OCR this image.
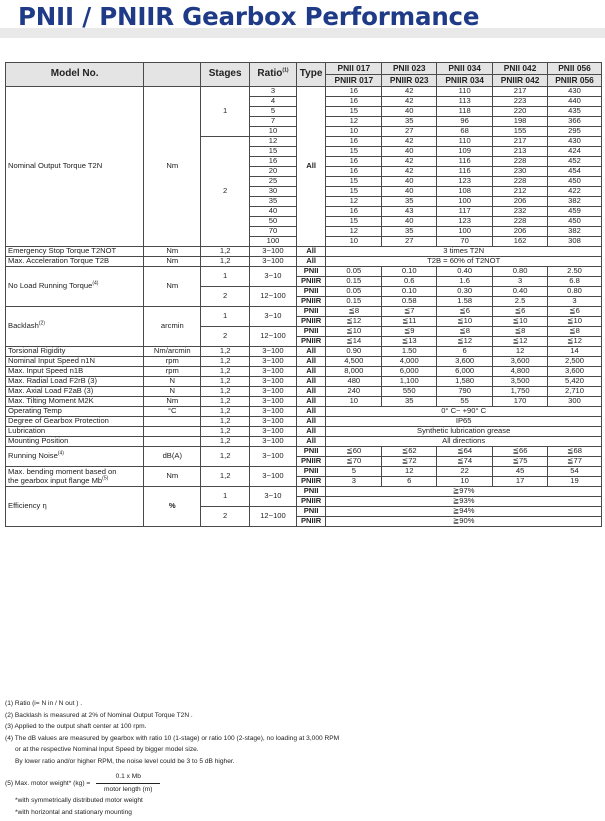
PNII / PNIIR Gearbox Performance
Model No.		Stages	Ratio$^{(1)}$	Type	PNII 017	PNII 023	PNII 034	PNII 042	PNII 056
					PNIIR 017	PNIIR 023	PNIIR 034	PNIIR 042	PNIIR 056
Nominal Output Torque T2N	Nm	1	3	All	16	42	110	217	430
			4		16	42	113	223	440
			5		15	40	118	220	435
			7		12	35	96	198	366
			10		10	27	68	155	295
		2	12		16	42	110	217	430
			15		15	40	109	213	424
			16		16	42	116	228	452
			20		16	42	116	230	454
			25		15	40	123	228	450
			30		15	40	108	212	422
			35		12	35	100	206	382
			40		16	43	117	232	459
			50		15	40	123	228	450
			70		12	35	100	206	382
			100		10	27	70	162	308
Emergency Stop Torque T2NOT	Nm	1,2	3~100	All	3 times T2N				
Max. Acceleration Torque T2B	Nm	1,2	3~100	All	T2B = 60% of T2NOT				
No Load Running Torque$^{(4)}$	Nm	1	3~10	PNII	0.05	0.10	0.40	0.80	2.50
				PNIIR	0.15	0.6	1.6	3	6.8
		2	12~100	PNII	0.05	0.10	0.30	0.40	0.80
				PNIIR	0.15	0.58	1.58	2.5	3
Backlash$^{(2)}$	arcmin	1	3~10	PNII	≦8	≦7	≦6	≦6	≦6
				PNIIR	≦12	≦11	≦10	≦10	≦10
		2	12~100	PNII	≦10	≦9	≦8	≦8	≦8
				PNIIR	≦14	≦13	≦12	≦12	≦12
Torsional Rigidity	Nm/arcmin	1,2	3~100	All	0.90	1.50	6	12	14
Nominal Input Speed n1N	rpm	1,2	3~100	All	4,500	4,000	3,600	3,600	2,500
Max. Input Speed n1B	rpm	1,2	3~100	All	8,000	6,000	6,000	4,800	3,600
Max. Radial Load F2rB (3)	N	1,2	3~100	All	480	1,100	1,580	3,500	5,420
Max. Axial Load F2aB (3)	N	1,2	3~100	All	240	550	790	1,750	2,710
Max. Tilting Moment M2K	Nm	1,2	3~100	All	10	35	55	170	300
Operating Temp	°C	1,2	3~100	All	0° C~ +90° C				
Degree of Gearbox Protection		1,2	3~100	All	IP65				
Lubrication		1,2	3~100	All	Synthetic lubrication grease				
Mounting Position		1,2	3~100	All	All directions				
Running Noise$^{(4)}$	dB(A)	1,2	3~100	PNII	≦60	≦62	≦64	≦66	≦68
				PNIIR	≦70	≦72	≦74	≦75	≦77
Max. bending moment based on
the gearbox input flange Mb$^{(5)}$	Nm	1,2	3~100	PNII	5	12	22	45	54
				PNIIR	3	6	10	17	19
Efficiency η	%	1	3~10	PNII	≧97%				
				PNIIR	≧93%				
		2	12~100	PNII	≧94%				
				PNIIR	≧90%				
(1) Ratio (i= N in / N out ) .
(2) Backlash is measured at 2% of Nominal Output Torque T2N .
(3) Applied to the output shaft center at 100 rpm.
(4) The dB values are measured by gearbox with ratio 10 (1-stage) or ratio 100 (2-stage), no loading at 3,000 RPM
or at the respective Nominal Input Speed by bigger model size.
By lower ratio and/or higher RPM, the noise level could be 3 to 5 dB higher.
(5) Max. motor weight* $(kg) = \frac{\text{0.1 x Mb}}{\text{motor length (m)}}$
*with symmetrically distributed motor weight
*with horizontal and stationary mounting
